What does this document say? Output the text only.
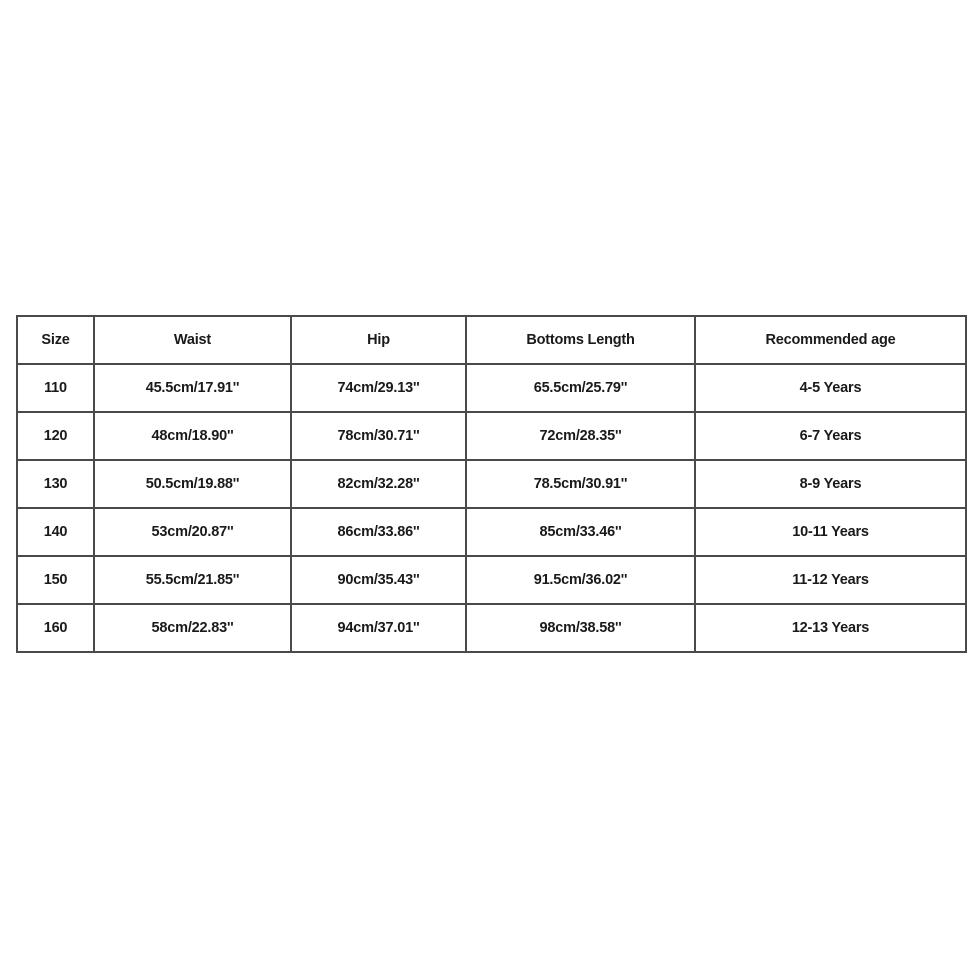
Size	Waist	Hip	Bottoms Length	Recommended age
110	45.5cm/17.91''	74cm/29.13''	65.5cm/25.79''	4-5 Years
120	48cm/18.90''	78cm/30.71''	72cm/28.35''	6-7 Years
130	50.5cm/19.88''	82cm/32.28''	78.5cm/30.91''	8-9 Years
140	53cm/20.87''	86cm/33.86''	85cm/33.46''	10-11 Years
150	55.5cm/21.85''	90cm/35.43''	91.5cm/36.02''	11-12 Years
160	58cm/22.83''	94cm/37.01''	98cm/38.58''	12-13 Years
